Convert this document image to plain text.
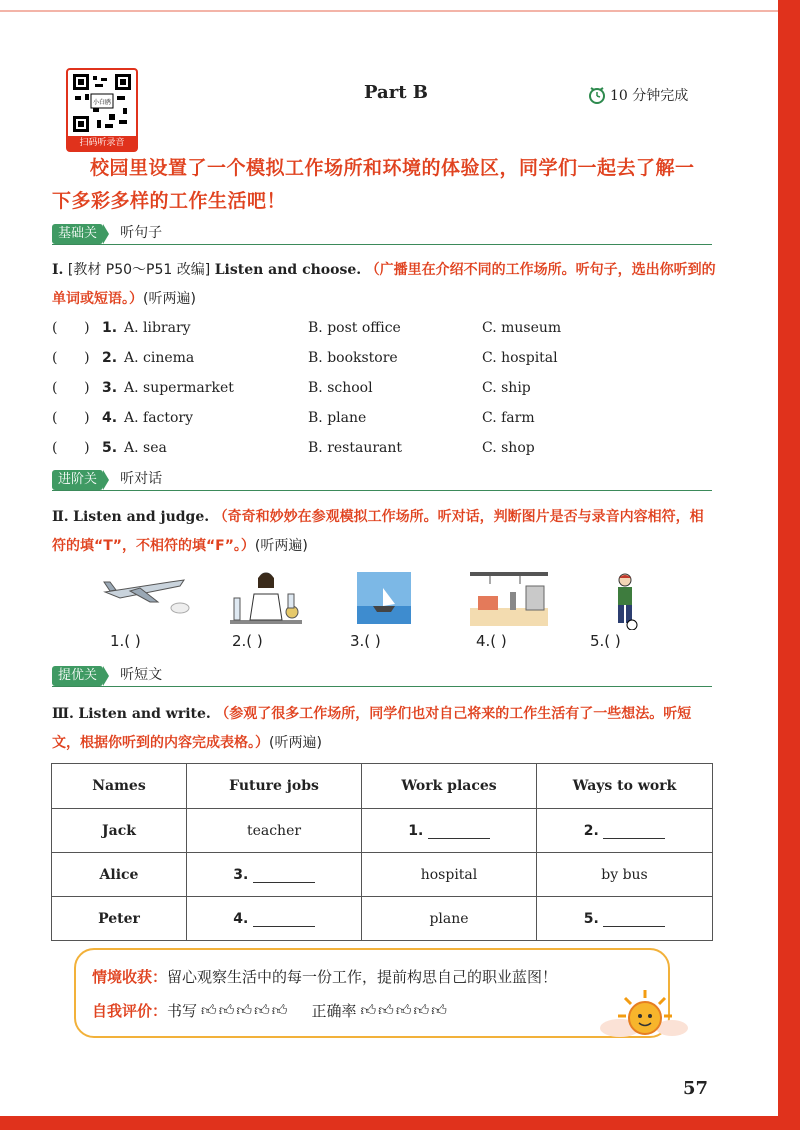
小白鸥
扫码听录音
Part B	10 分钟完成
校园里设置了一个模拟工作场所和环境的体验区，同学们一起去了解一下多彩多样的工作生活吧！
基础关 听句子
Ⅰ. [教材 P50～P51 改编] Listen and choose. （广播里在介绍不同的工作场所。听句子，选出你听到的单词或短语。）(听两遍)
(      ) 1. A. library	B. post office	C. museum
(      ) 2. A. cinema	B. bookstore	C. hospital
(      ) 3. A. supermarket	B. school	C. ship
(      ) 4. A. factory	B. plane	C. farm
(      ) 5. A. sea	B. restaurant	C. shop
进阶关 听对话
Ⅱ. Listen and judge. （奇奇和妙妙在参观模拟工作场所。听对话，判断图片是否与录音内容相符，相符的填“T”，不相符的填“F”。）(听两遍)
1.( )	2.( )	3.( )	4.( )	5.( )
提优关 听短文
Ⅲ. Listen and write. （参观了很多工作场所，同学们也对自己将来的工作生活有了一些想法。听短文，根据你听到的内容完成表格。）(听两遍)
Names	Future jobs	Work places	Ways to work
Jack	teacher	1.	2.
Alice	3.	hospital	by bus
Peter	4.	plane	5.
情境收获：留心观察生活中的每一份工作，提前构思自己的职业蓝图！
自我评价： 书写 👍︎👍︎👍︎👍︎👍︎ 正确率 👍︎👍︎👍︎👍︎👍︎
57
